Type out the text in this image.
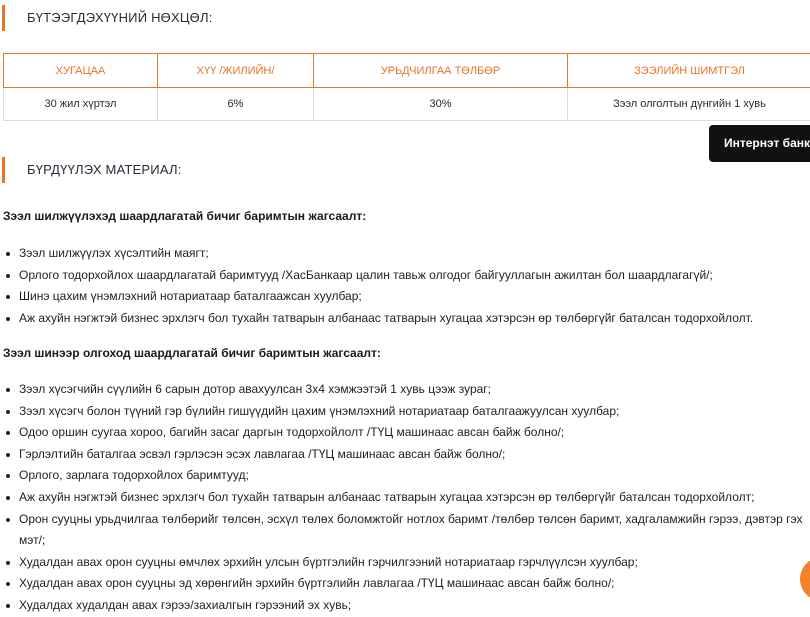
БҮТЭЭГДЭХҮҮНИЙ НӨХЦӨЛ:
ХУГАЦАА	ХҮҮ /ЖИЛИЙН/	УРЬДЧИЛГАА ТӨЛБӨР	ЗЭЭЛИЙН ШИМТГЭЛ
30 жил хүртэл	6%	30%	Зээл олголтын дүнгийн 1 хувь
Интернэт банк
БҮРДҮҮЛЭХ МАТЕРИАЛ:
Зээл шилжүүлэхэд шаардлагатай бичиг баримтын жагсаалт:
Зээл шилжүүлэх хүсэлтийн маягт;
Орлого тодорхойлох шаардлагатай баримтууд /ХасБанкаар цалин тавьж олгодог байгууллагын ажилтан бол шаардлагагүй/;
Шинэ цахим үнэмлэхний нотариатаар баталгаажсан хуулбар;
Аж ахуйн нэгжтэй бизнес эрхлэгч бол тухайн татварын албанаас татварын хугацаа хэтэрсэн өр төлбөргүйг баталсан тодорхойлолт.
Зээл шинээр олгоход шаардлагатай бичиг баримтын жагсаалт:
Зээл хүсэгчийн сүүлийн 6 сарын дотор авахуулсан 3х4 хэмжээтэй 1 хувь цээж зураг;
Зээл хүсэгч болон түүний гэр бүлийн гишүүдийн цахим үнэмлэхний нотариатаар баталгаажуулсан хуулбар;
Одоо оршин суугаа хороо, багийн засаг даргын тодорхойлолт /ТҮЦ машинаас авсан байж болно/;
Гэрлэлтийн баталгаа эсвэл гэрлэсэн эсэх лавлагаа /ТҮЦ машинаас авсан байж болно/;
Орлого, зарлага тодорхойлох баримтууд;
Аж ахуйн нэгжтэй бизнес эрхлэгч бол тухайн татварын албанаас татварын хугацаа хэтэрсэн өр төлбөргүйг баталсан тодорхойлолт;
Орон сууцны урьдчилгаа төлбөрийг төлсөн, эсхүл төлөх боломжтойг нотлох баримт /төлбөр төлсөн баримт, хадгаламжийн гэрээ, дэвтэр гэх мэт/;
Худалдан авах орон сууцны өмчлөх эрхийн улсын бүртгэлийн гэрчилгээний нотариатаар гэрчлүүлсэн хуулбар;
Худалдан авах орон сууцны эд хөрөнгийн эрхийн бүртгэлийн лавлагаа /ТҮЦ машинаас авсан байж болно/;
Худалдах худалдан авах гэрээ/захиалгын гэрээний эх хувь;
